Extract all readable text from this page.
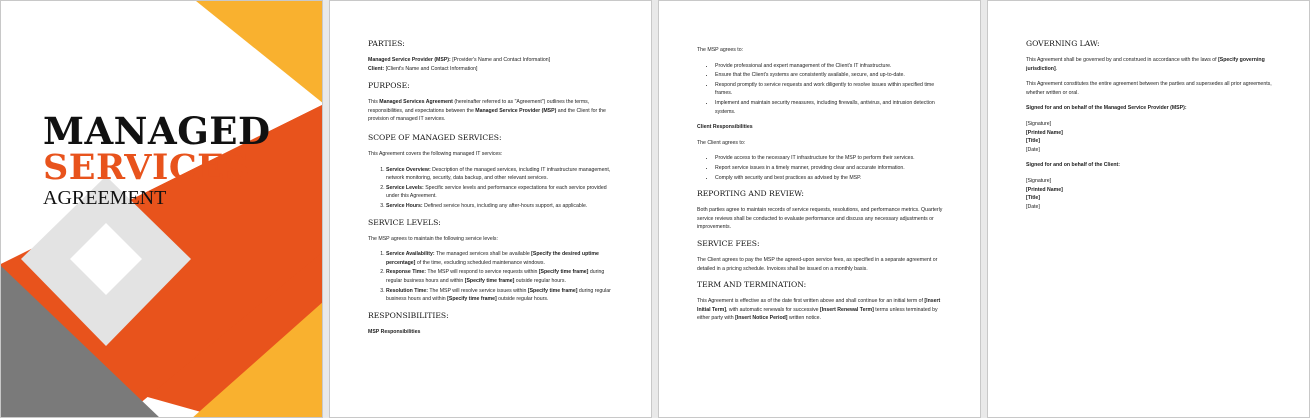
MANAGED
SERVICES
AGREEMENT
PARTIES:

Managed Service Provider (MSP): [Provider's Name and Contact Information]
Client: [Client's Name and Contact Information]

PURPOSE:

This Managed Services Agreement (hereinafter referred to as "Agreement") outlines the terms, responsibilities, and expectations between the Managed Service Provider (MSP) and the Client for the provision of managed IT services.

SCOPE OF MANAGED SERVICES:

This Agreement covers the following managed IT services:

1. Service Overview: Description of the managed services, including IT infrastructure management, network monitoring, security, data backup, and other relevant services.
2. Service Levels: Specific service levels and performance expectations for each service provided under this Agreement.
3. Service Hours: Defined service hours, including any after-hours support, as applicable.
SERVICE LEVELS:

The MSP agrees to maintain the following service levels:

1. Service Availability: The managed services shall be available [Specify the desired uptime percentage] of the time, excluding scheduled maintenance windows.
2. Response Time: The MSP will respond to service requests within [Specify time frame] during regular business hours and within [Specify time frame] outside regular hours.
3. Resolution Time: The MSP will resolve service issues within [Specify time frame] during regular business hours and within [Specify time frame] outside regular hours.
RESPONSIBILITIES:
MSP Responsibilities

The MSP agrees to:

• Provide professional and expert management of the Client's IT infrastructure.
• Ensure that the Client's systems are consistently available, secure, and up-to-date.
• Respond promptly to service requests and work diligently to resolve issues within specified time frames.
• Implement and maintain security measures, including firewalls, antivirus, and intrusion detection systems.
Client Responsibilities

The Client agrees to:

• Provide access to the necessary IT infrastructure for the MSP to perform their services.
• Report service issues in a timely manner, providing clear and accurate information.
• Comply with security and best practices as advised by the MSP.
REPORTING AND REVIEW:

Both parties agree to maintain records of service requests, resolutions, and performance metrics. Quarterly service reviews shall be conducted to evaluate performance and discuss any necessary adjustments or improvements.

SERVICE FEES:

The Client agrees to pay the MSP the agreed-upon service fees, as specified in a separate agreement or detailed in a pricing schedule. Invoices shall be issued on a monthly basis.

TERM AND TERMINATION:

This Agreement is effective as of the date first written above and shall continue for an initial term of [Insert Initial Term], with automatic renewals for successive [Insert Renewal Term] terms unless terminated by either party with [Insert Notice Period] written notice.

GOVERNING LAW:

This Agreement shall be governed by and construed in accordance with the laws of [Specify governing jurisdiction].

This Agreement constitutes the entire agreement between the parties and supersedes all prior agreements, whether written or oral.

Signed for and on behalf of the Managed Service Provider (MSP):

[Signature]

[Printed Name]

[Title]

[Date]

Signed for and on behalf of the Client:

[Signature]

[Printed Name]

[Title]

[Date]
